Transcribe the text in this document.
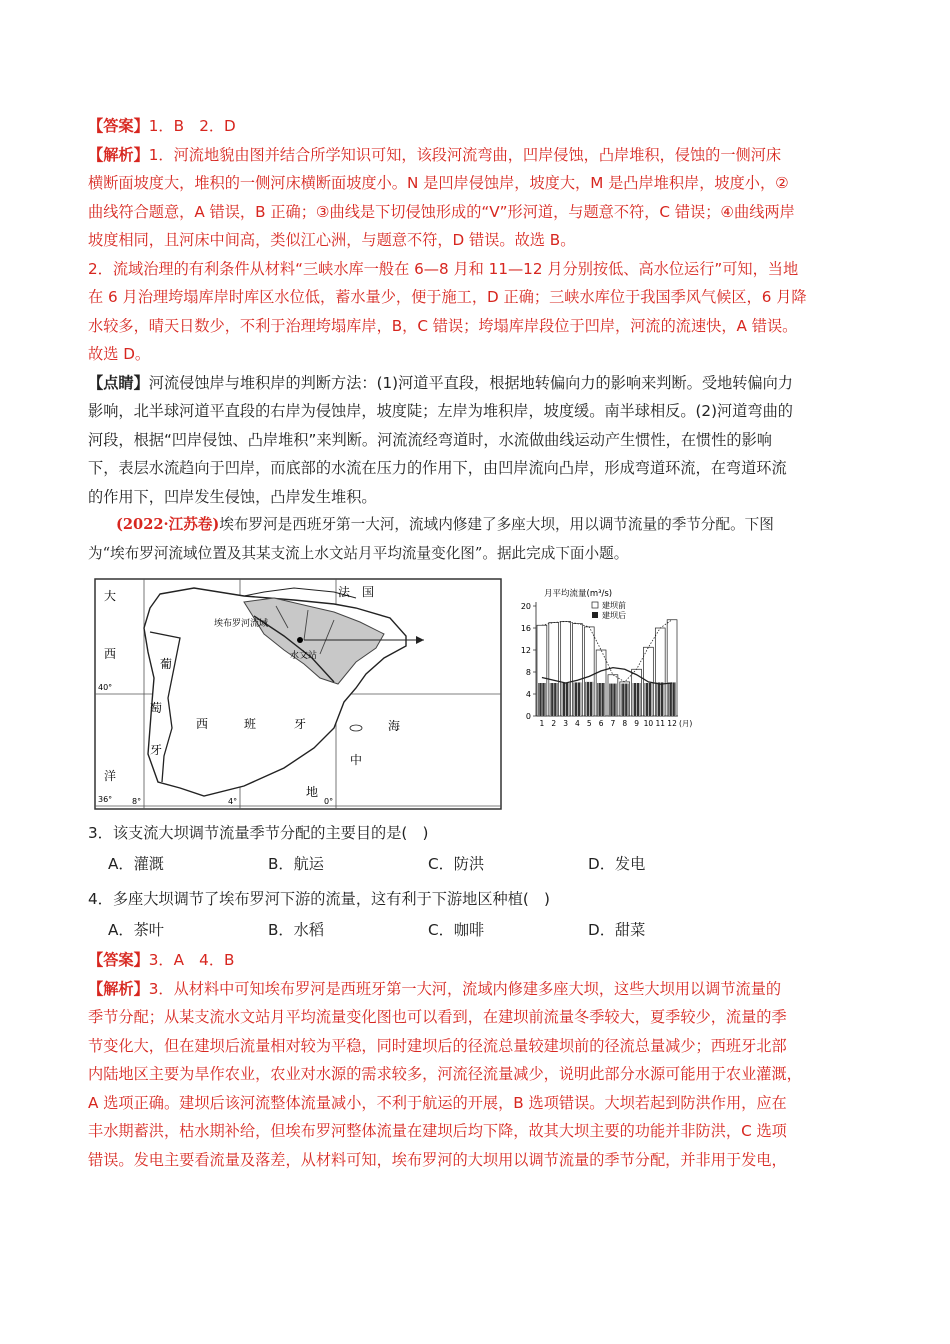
【答案】1．B　2．D

【解析】1．河流地貌由图并结合所学知识可知，该段河流弯曲，凹岸侵蚀，凸岸堆积，侵蚀的一侧河床

横断面坡度大，堆积的一侧河床横断面坡度小。N 是凹岸侵蚀岸，坡度大，M 是凸岸堆积岸，坡度小，②

曲线符合题意，A 错误，B 正确；③曲线是下切侵蚀形成的“V”形河道，与题意不符，C 错误；④曲线两岸

坡度相同，且河床中间高，类似江心洲，与题意不符，D 错误。故选 B。

2．流域治理的有利条件从材料“三峡水库一般在 6—8 月和 11—12 月分别按低、高水位运行”可知，当地

在 6 月治理垮塌库岸时库区水位低，蓄水量少，便于施工，D 正确；三峡水库位于我国季风气候区，6 月降

水较多，晴天日数少，不利于治理垮塌库岸，B，C 错误；垮塌库岸段位于凹岸，河流的流速快，A 错误。

故选 D。

【点睛】河流侵蚀岸与堆积岸的判断方法：(1)河道平直段，根据地转偏向力的影响来判断。受地转偏向力

影响，北半球河道平直段的右岸为侵蚀岸，坡度陡；左岸为堆积岸，坡度缓。南半球相反。(2)河道弯曲的

河段，根据“凹岸侵蚀、凸岸堆积”来判断。河流流经弯道时，水流做曲线运动产生惯性，在惯性的影响

下，表层水流趋向于凹岸，而底部的水流在压力的作用下，由凹岸流向凸岸，形成弯道环流，在弯道环流

的作用下，凹岸发生侵蚀，凸岸发生堆积。

(2022·江苏卷)埃布罗河是西班牙第一大河，流域内修建了多座大坝，用以调节流量的季节分配。下图

为“埃布罗河流域位置及其某支流上水文站月平均流量变化图”。据此完成下面小题。

大
西
洋
法　国
葡
萄
牙
西	班	牙	海
中
地
埃布罗河流域
水文站
40°
36° 8°	4°	0°
月平均流量(m³/s)
建坝前
建坝后
0
4
8
12
16
20
1 2 3 4 5 6 7 8 9 10 11 12 (月)

3．该支流大坝调节流量季节分配的主要目的是(　)

A．灌溉	B．航运	C．防洪	D．发电

4．多座大坝调节了埃布罗河下游的流量，这有利于下游地区种植(　)

A．茶叶	B．水稻	C．咖啡	D．甜菜

【答案】3．A　4．B

【解析】3．从材料中可知埃布罗河是西班牙第一大河，流域内修建多座大坝，这些大坝用以调节流量的

季节分配；从某支流水文站月平均流量变化图也可以看到，在建坝前流量冬季较大，夏季较少，流量的季

节变化大，但在建坝后流量相对较为平稳，同时建坝后的径流总量较建坝前的径流总量减少；西班牙北部

内陆地区主要为旱作农业，农业对水源的需求较多，河流径流量减少，说明此部分水源可能用于农业灌溉，

A 选项正确。建坝后该河流整体流量减小，不利于航运的开展，B 选项错误。大坝若起到防洪作用，应在

丰水期蓄洪，枯水期补给，但埃布罗河整体流量在建坝后均下降，故其大坝主要的功能并非防洪，C 选项

错误。发电主要看流量及落差，从材料可知，埃布罗河的大坝用以调节流量的季节分配，并非用于发电，
